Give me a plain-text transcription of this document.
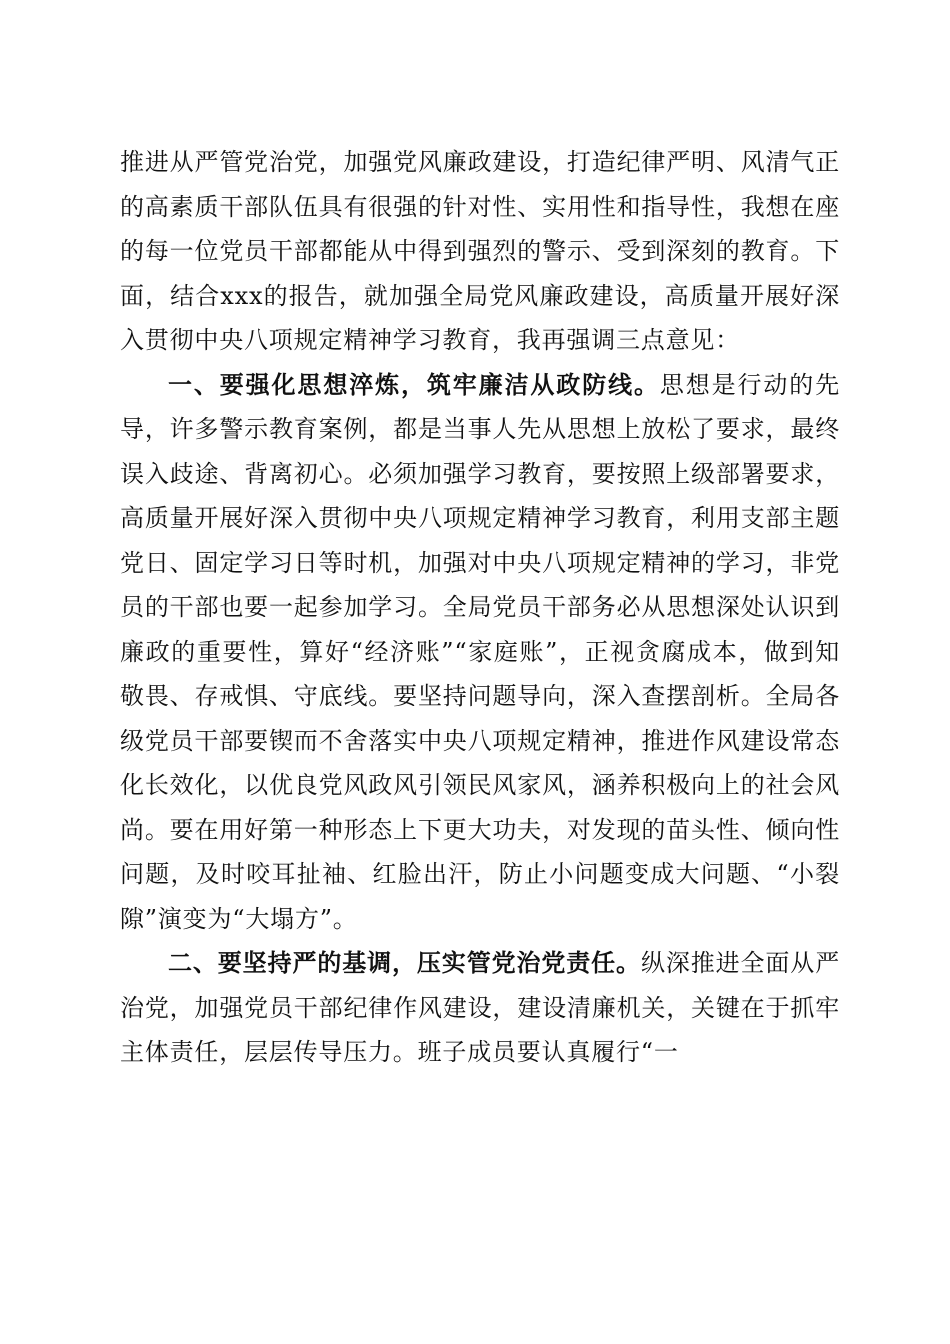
推进从严管党治党，加强党风廉政建设，打造纪律严明、风清气正的高素质干部队伍具有很强的针对性、实用性和指导性，我想在座的每一位党员干部都能从中得到强烈的警示、受到深刻的教育。下面，结合xxx的报告，就加强全局党风廉政建设，高质量开展好深入贯彻中央八项规定精神学习教育，我再强调三点意见：

一、要强化思想淬炼，筑牢廉洁从政防线。思想是行动的先导，许多警示教育案例，都是当事人先从思想上放松了要求，最终误入歧途、背离初心。必须加强学习教育，要按照上级部署要求，高质量开展好深入贯彻中央八项规定精神学习教育，利用支部主题党日、固定学习日等时机，加强对中央八项规定精神的学习，非党员的干部也要一起参加学习。全局党员干部务必从思想深处认识到廉政的重要性，算好“经济账”“家庭账”，正视贪腐成本，做到知敬畏、存戒惧、守底线。要坚持问题导向，深入查摆剖析。全局各级党员干部要锲而不舍落实中央八项规定精神，推进作风建设常态化长效化，以优良党风政风引领民风家风，涵养积极向上的社会风尚。要在用好第一种形态上下更大功夫，对发现的苗头性、倾向性问题，及时咬耳扯袖、红脸出汗，防止小问题变成大问题、“小裂隙”演变为“大塌方”。

二、要坚持严的基调，压实管党治党责任。纵深推进全面从严治党，加强党员干部纪律作风建设，建设清廉机关，关键在于抓牢主体责任，层层传导压力。班子成员要认真履行“一
